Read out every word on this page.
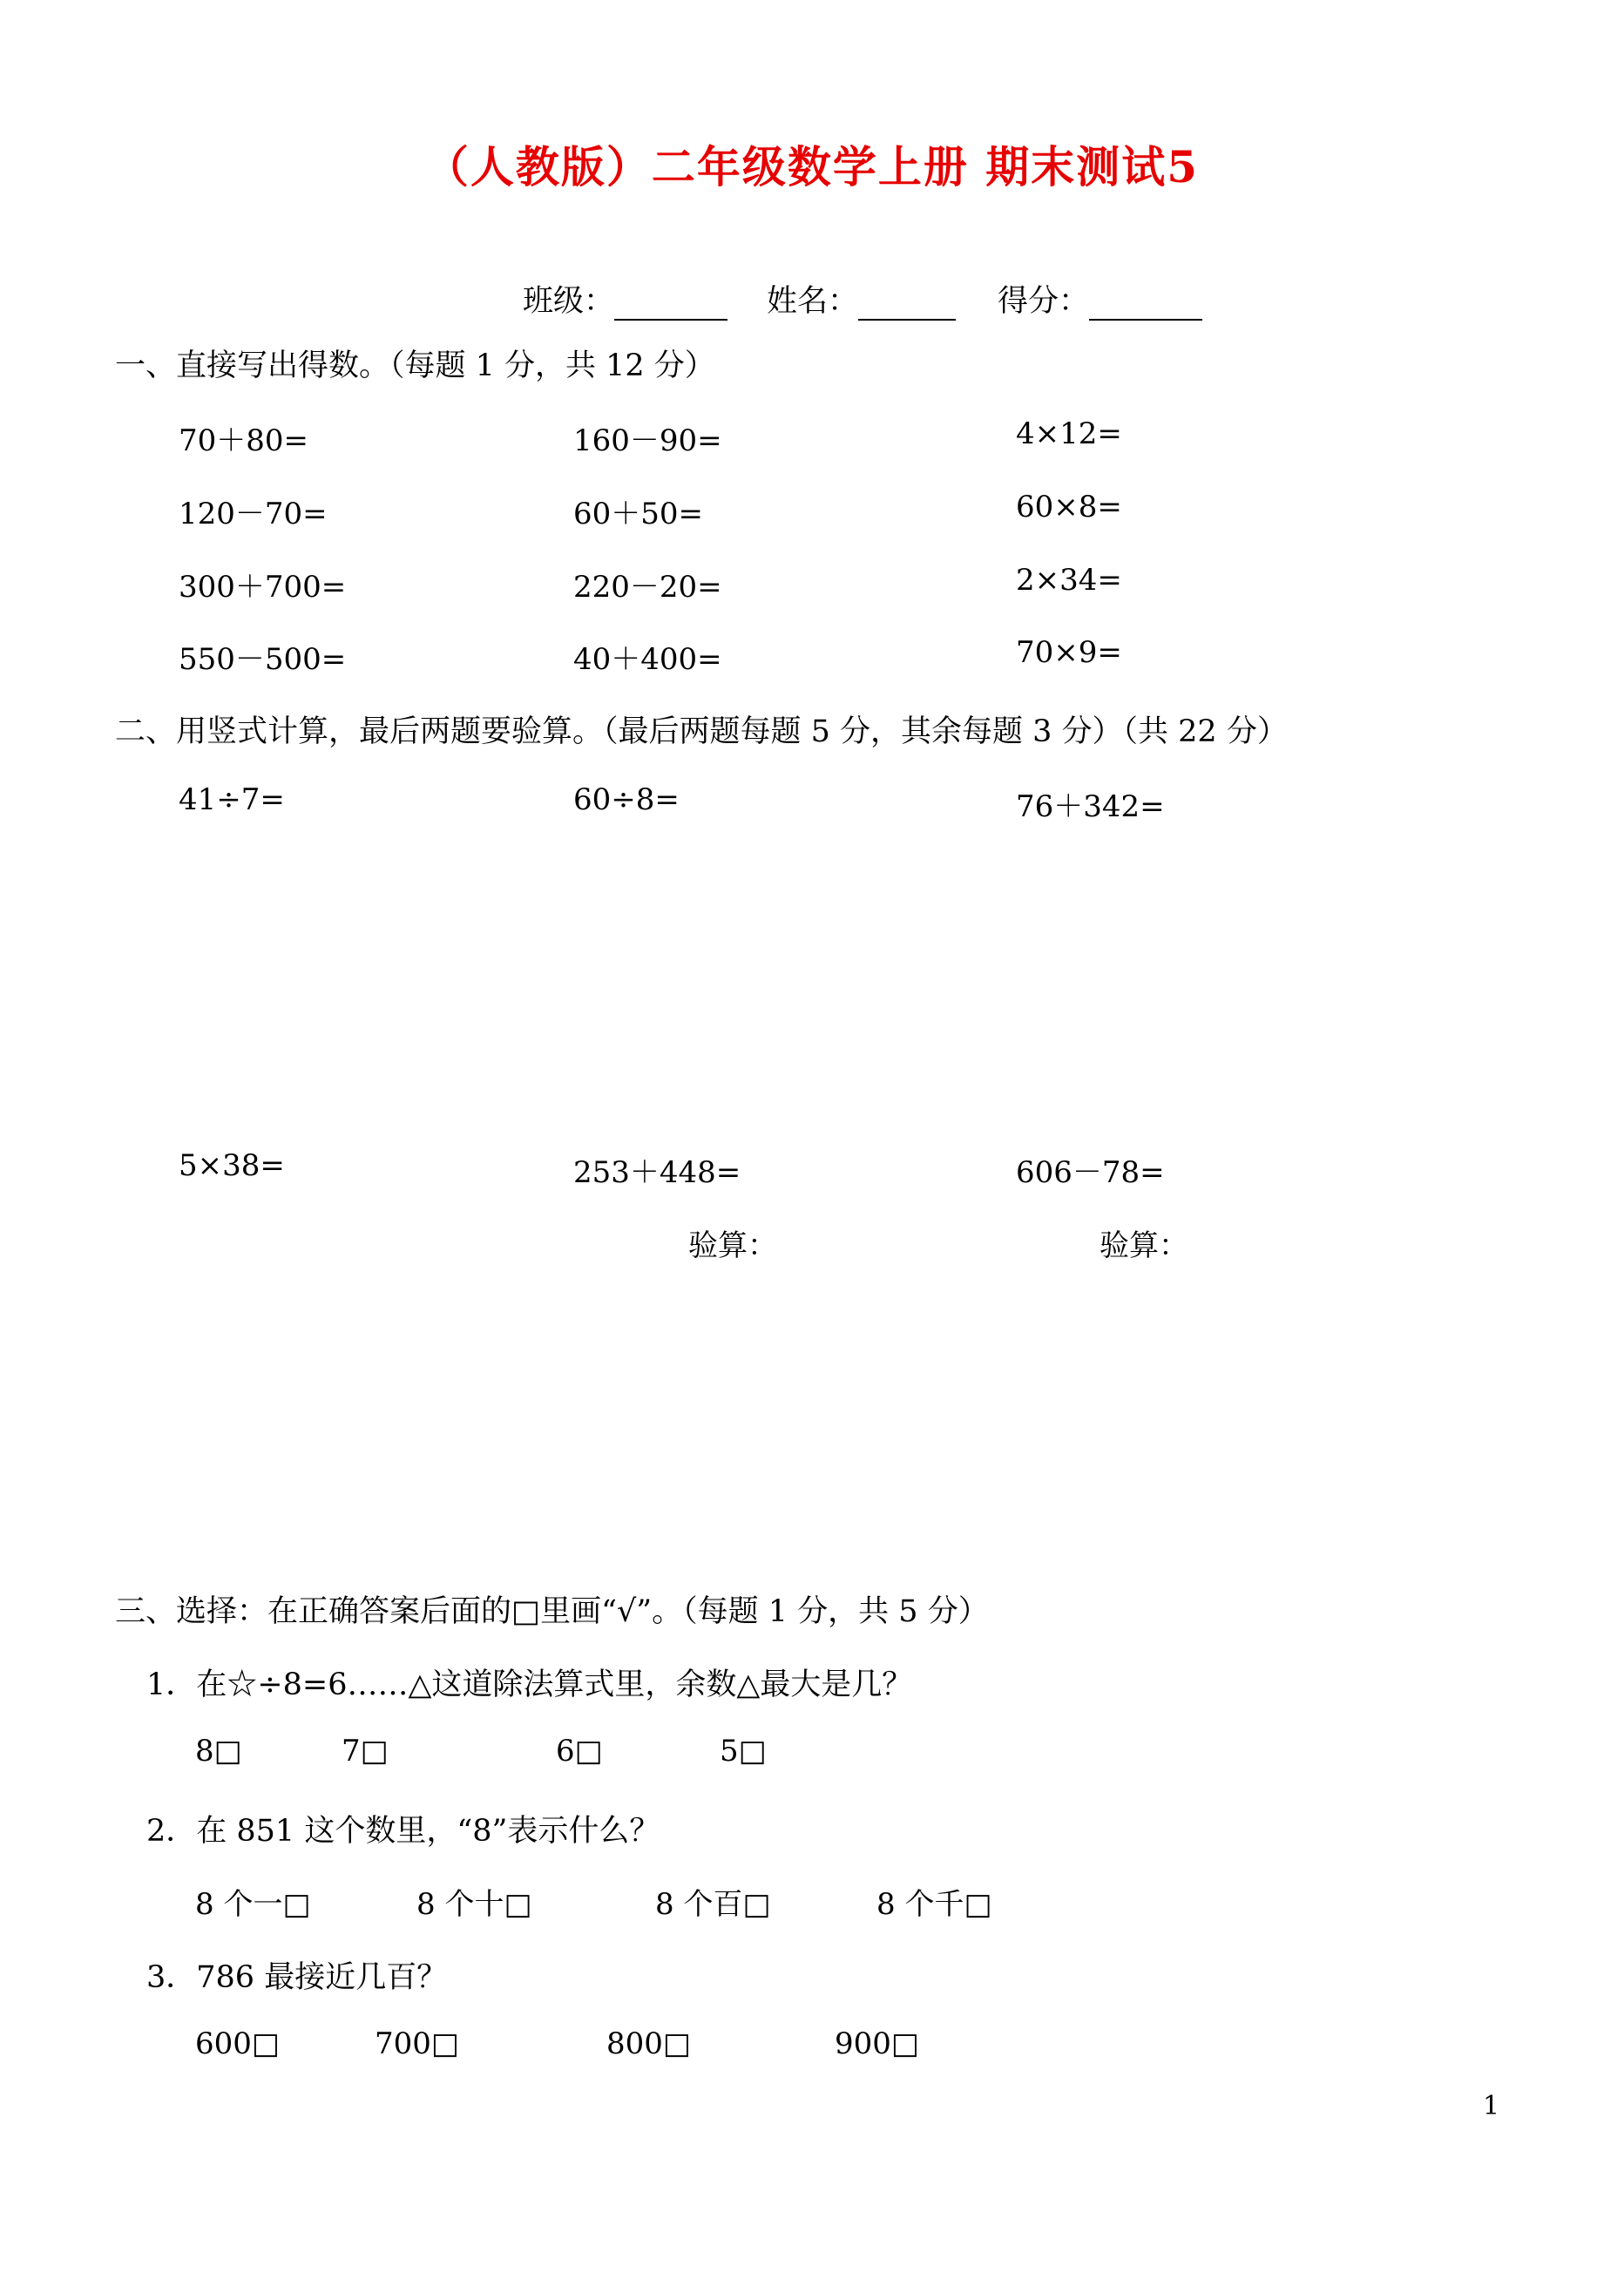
（人教版）二年级数学上册 期末测试5
班级：	姓名：	得分：
一、直接写出得数。（每题 1 分，共 12 分）
70＋80=	160－90=	4×12=
120－70=	60＋50=	60×8=
300＋700=	220－20=	2×34=
550－500=	40＋400=	70×9=
二、用竖式计算，最后两题要验算。（最后两题每题 5 分，其余每题 3 分）（共 22 分）
41÷7=	60÷8=	76＋342=
5×38=	253＋448=	606－78=
验算：	验算：
三、选择：在正确答案后面的□里画“√”。（每题 1 分，共 5 分）
1．在☆÷8=6……△这道除法算式里，余数△最大是几？
8□	7□	6□	5□
2．在 851 这个数里，“8”表示什么？
8 个一□	8 个十□	8 个百□	8 个千□
3．786 最接近几百？
600□	700□	800□	900□
1
